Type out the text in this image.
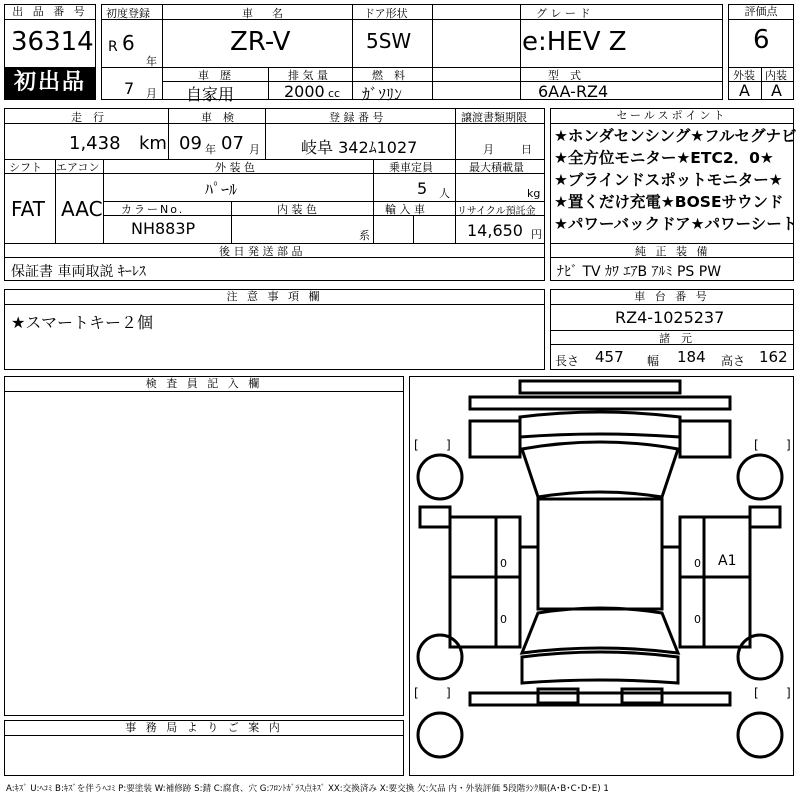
出 品 番 号
36314
初出品
初度登録
R 6
年
7 月
車　名
ZR-V
ドア形状
5SW
グ レ ー ド
e:HEV Z
車　歴
自家用
排 気 量
2000 cc
燃　料
ｶﾞｿﾘﾝ
型　式
6AA-RZ4
評価点
6
外装 内装
A A
走　行
1,438 km
車　検
09 年 07 月
登 録 番 号
岐阜 342ﾑ1027
譲渡書類期限
月 日
シフト エアコン
FAT AAC
外 装 色
ﾊﾟｰﾙ
乗車定員
5 人
最大積載量
kg
カラーNo.
NH883P
内 装 色
系
輸 入 車	リサイクル預託金
14,650 円
後 日 発 送 部 品
保証書 車両取説 ｷｰﾚｽ
セールスポイント
★ホンダセンシング★フルセグナビ
★全方位モニター★ETC2．0★
★ブラインドスポットモニター★
★置くだけ充電★BOSEサウンド
★パワーバックドア★パワーシート
純 正 装 備
ﾅﾋﾞ TV ｶﾜ ｴｱB ｱﾙﾐ PS PW
注 意 事 項 欄
★スマートキー２個
車 台 番 号
RZ4-1025237
諸　元
長さ 457 幅 184 高さ 162
検 査 員 記 入 欄
事 務 局 よ り ご 案 内
[ ]	[ ]
[ ]	[ ]
0
0
0
0
A1
A:ｷｽﾞ U:ﾍｺﾐ B:ｷｽﾞを伴うﾍｺﾐ P:要塗装 W:補修跡 S:錆 C:腐食、穴 G:ﾌﾛﾝﾄｶﾞﾗｽ点ｷｽﾞ XX:交換済み X:要交換 欠:欠品 内・外装評価 5段階ﾗﾝｸ順(A･B･C･D･E) 1
